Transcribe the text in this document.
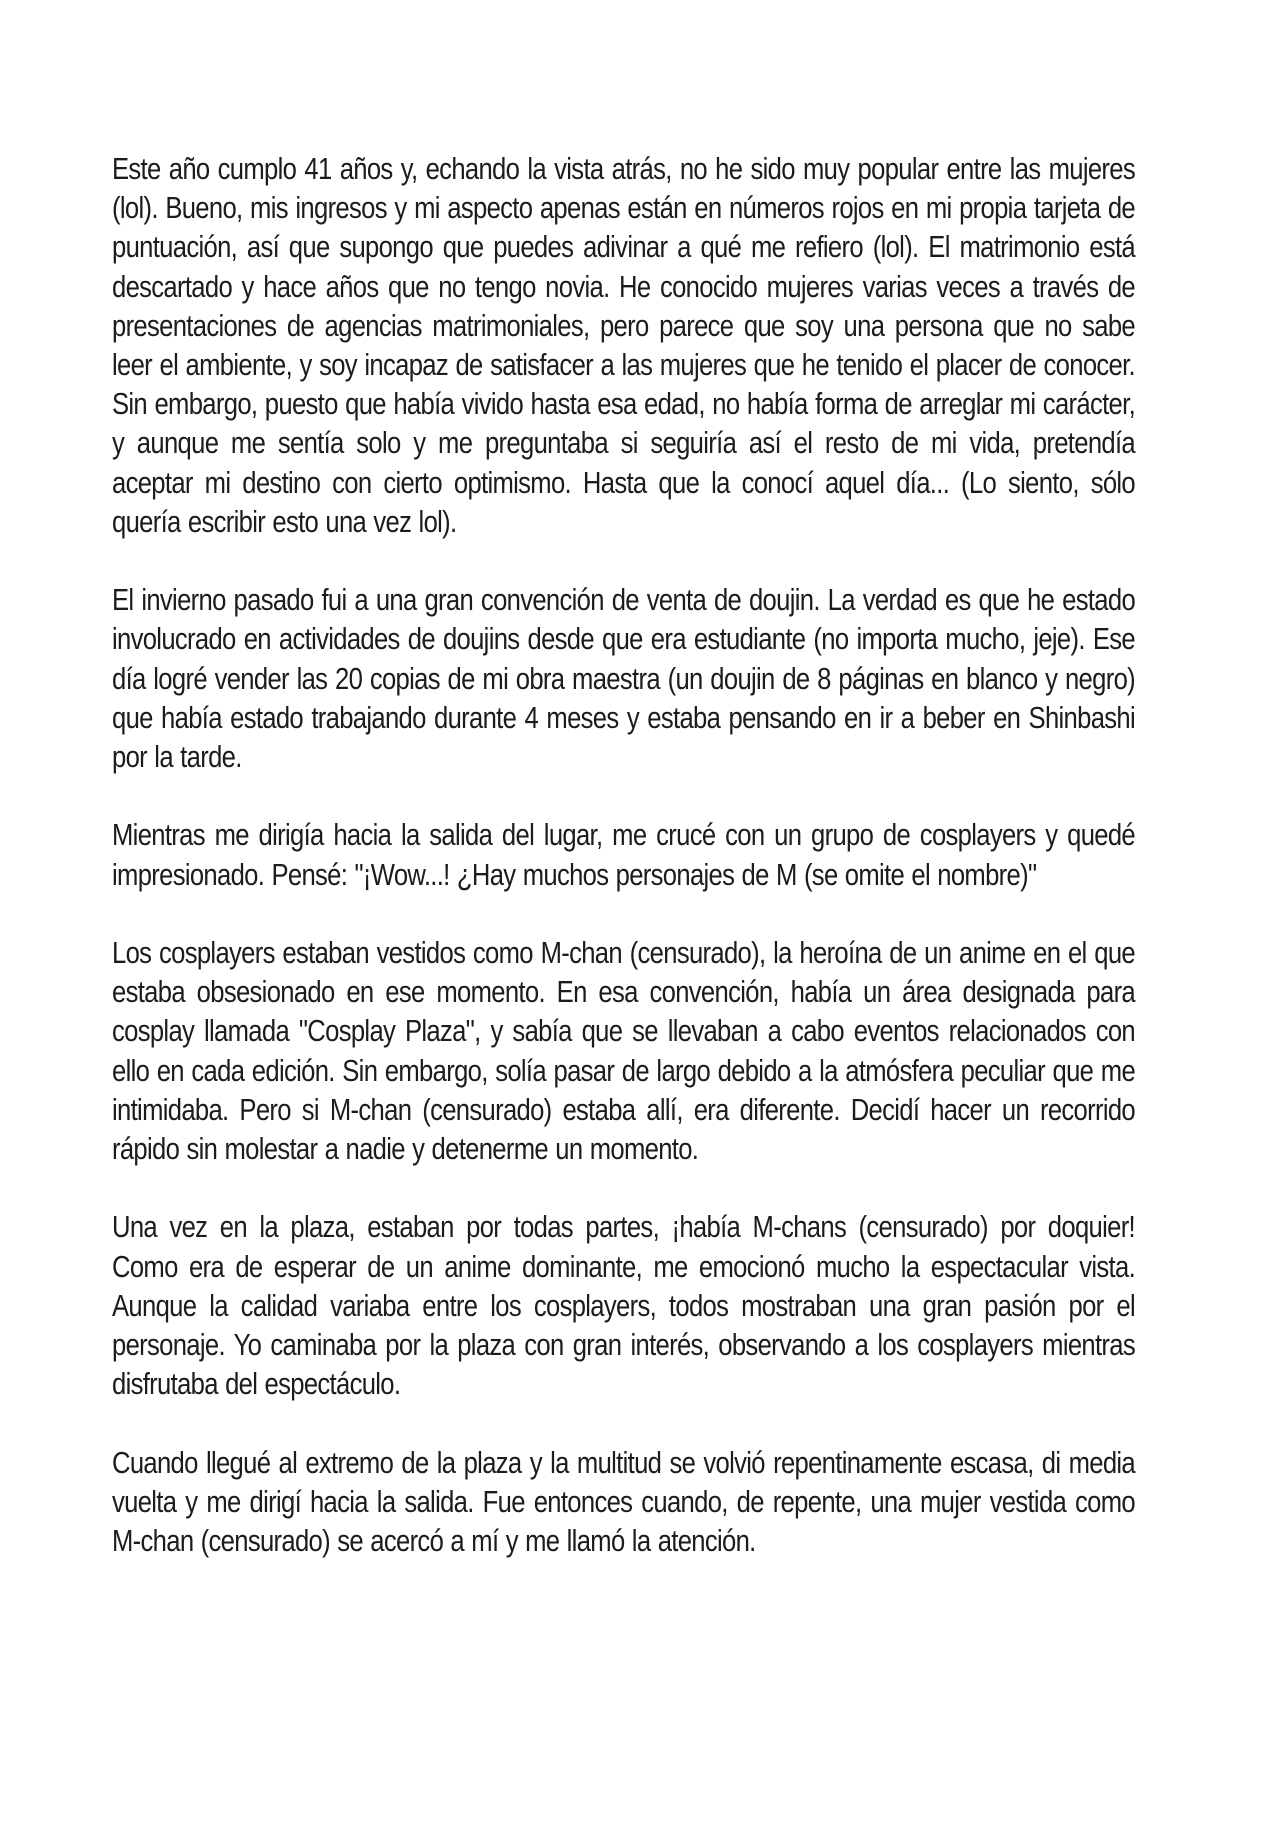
Este año cumplo 41 años y, echando la vista atrás, no he sido muy popular entre las mujeres (lol). Bueno, mis ingresos y mi aspecto apenas están en números rojos en mi propia tarjeta de puntuación, así que supongo que puedes adivinar a qué me refiero (lol). El matrimonio está descartado y hace años que no tengo novia. He conocido mujeres varias veces a través de presentaciones de agencias matrimoniales, pero parece que soy una persona que no sabe leer el ambiente, y soy incapaz de satisfacer a las mujeres que he tenido el placer de conocer. Sin embargo, puesto que había vivido hasta esa edad, no había forma de arreglar mi carácter, y aunque me sentía solo y me preguntaba si seguiría así el resto de mi vida, pretendía aceptar mi destino con cierto optimismo. Hasta que la conocí aquel día... (Lo siento, sólo quería escribir esto una vez lol).

El invierno pasado fui a una gran convención de venta de doujin. La verdad es que he estado involucrado en actividades de doujins desde que era estudiante (no importa mucho, jeje). Ese día logré vender las 20 copias de mi obra maestra (un doujin de 8 páginas en blanco y negro) que había estado trabajando durante 4 meses y estaba pensando en ir a beber en Shinbashi por la tarde.

Mientras me dirigía hacia la salida del lugar, me crucé con un grupo de cosplayers y quedé impresionado. Pensé: "¡Wow...! ¿Hay muchos personajes de M (se omite el nombre)"

Los cosplayers estaban vestidos como M-chan (censurado), la heroína de un anime en el que estaba obsesionado en ese momento. En esa convención, había un área designada para cosplay llamada "Cosplay Plaza", y sabía que se llevaban a cabo eventos relacionados con ello en cada edición. Sin embargo, solía pasar de largo debido a la atmósfera peculiar que me intimidaba. Pero si M-chan (censurado) estaba allí, era diferente. Decidí hacer un recorrido rápido sin molestar a nadie y detenerme un momento.

Una vez en la plaza, estaban por todas partes, ¡había M-chans (censurado) por doquier! Como era de esperar de un anime dominante, me emocionó mucho la espectacular vista. Aunque la calidad variaba entre los cosplayers, todos mostraban una gran pasión por el personaje. Yo caminaba por la plaza con gran interés, observando a los cosplayers mientras disfrutaba del espectáculo.

Cuando llegué al extremo de la plaza y la multitud se volvió repentinamente escasa, di media vuelta y me dirigí hacia la salida. Fue entonces cuando, de repente, una mujer vestida como M-chan (censurado) se acercó a mí y me llamó la atención.
